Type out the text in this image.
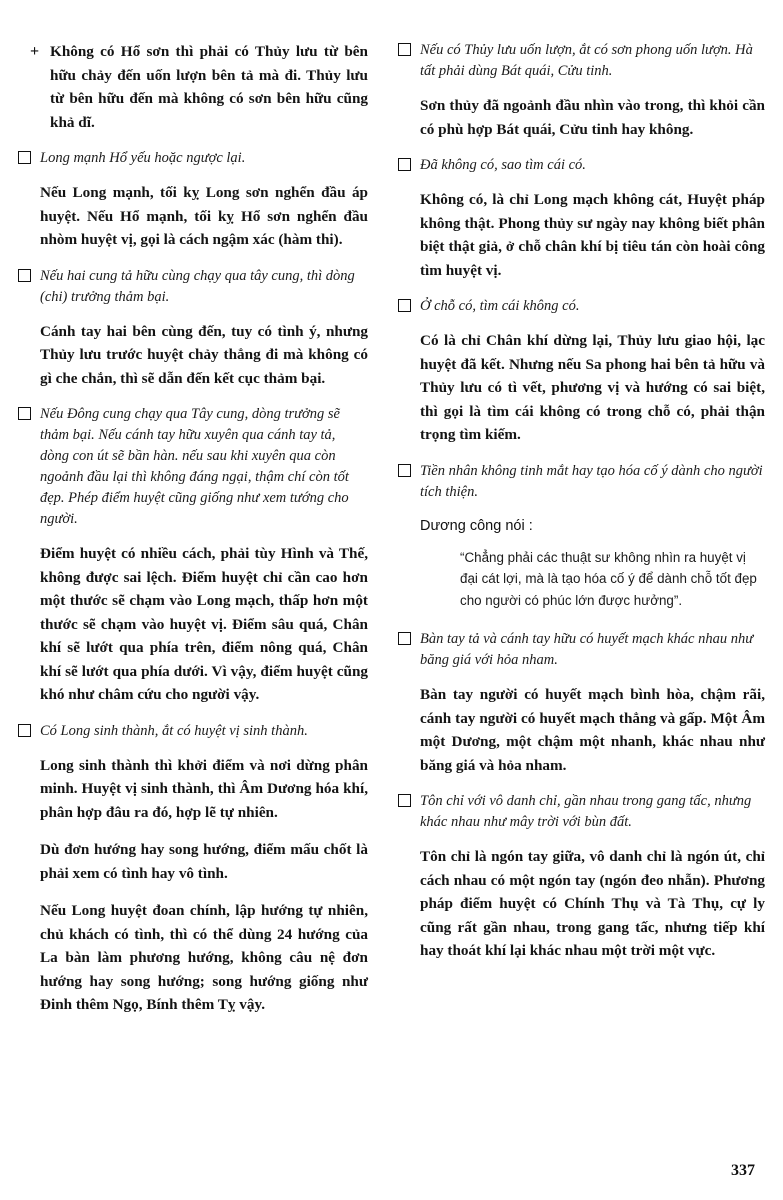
+ Không có Hổ sơn thì phải có Thủy lưu từ bên hữu chảy đến uốn lượn bên tả mà đi. Thủy lưu từ bên hữu đến mà không có sơn bên hữu cũng khả dĩ.
Long mạnh Hổ yếu hoặc ngược lại.

Nếu Long mạnh, tối kỵ Long sơn nghển đầu áp huyệt. Nếu Hổ mạnh, tối kỵ Hổ sơn nghển đầu nhòm huyệt vị, gọi là cách ngậm xác (hàm thi).

Nếu hai cung tả hữu cùng chạy qua tây cung, thì dòng (chi) trưởng thảm bại.

Cánh tay hai bên cùng đến, tuy có tình ý, nhưng Thủy lưu trước huyệt chảy thẳng đi mà không có gì che chắn, thì sẽ dẫn đến kết cục thảm bại.

Nếu Đông cung chạy qua Tây cung, dòng trưởng sẽ thảm bại. Nếu cánh tay hữu xuyên qua cánh tay tả, dòng con út sẽ bần hàn. nếu sau khi xuyên qua còn ngoảnh đầu lại thì không đáng ngại, thậm chí còn tốt đẹp. Phép điểm huyệt cũng giống như xem tướng cho người.

Điểm huyệt có nhiều cách, phải tùy Hình và Thế, không được sai lệch. Điểm huyệt chỉ cần cao hơn một thước sẽ chạm vào Long mạch, thấp hơn một thước sẽ chạm vào huyệt vị. Điểm sâu quá, Chân khí sẽ lướt qua phía trên, điểm nông quá, Chân khí sẽ lướt qua phía dưới. Vì vậy, điểm huyệt cũng khó như châm cứu cho người vậy.

Có Long sinh thành, ắt có huyệt vị sinh thành.

Long sinh thành thì khởi điểm và nơi dừng phân minh. Huyệt vị sinh thành, thì Âm Dương hóa khí, phân hợp đâu ra đó, hợp lẽ tự nhiên.

Dù đơn hướng hay song hướng, điểm mấu chốt là phải xem có tình hay vô tình.

Nếu Long huyệt đoan chính, lập hướng tự nhiên, chủ khách có tình, thì có thể dùng 24 hướng của La bàn làm phương hướng, không câu nệ đơn hướng hay song hướng; song hướng giống như Đinh thêm Ngọ, Bính thêm Tỵ vậy.

Nếu có Thủy lưu uốn lượn, ắt có sơn phong uốn lượn. Hà tất phải dùng Bát quái, Cửu tinh.

Sơn thủy đã ngoảnh đầu nhìn vào trong, thì khỏi cần có phù hợp Bát quái, Cửu tinh hay không.

Đã không có, sao tìm cái có.

Không có, là chỉ Long mạch không cát, Huyệt pháp không thật. Phong thủy sư ngày nay không biết phân biệt thật giả, ở chỗ chân khí bị tiêu tán còn hoài công tìm huyệt vị.

Ở chỗ có, tìm cái không có.

Có là chỉ Chân khí dừng lại, Thủy lưu giao hội, lạc huyệt đã kết. Nhưng nếu Sa phong hai bên tả hữu và Thủy lưu có tì vết, phương vị và hướng có sai biệt, thì gọi là tìm cái không có trong chỗ có, phải thận trọng tìm kiếm.

Tiền nhân không tinh mắt hay tạo hóa cố ý dành cho người tích thiện.

Dương công nói :

“Chẳng phải các thuật sư không nhìn ra huyệt vị đại cát lợi, mà là tạo hóa cố ý để dành chỗ tốt đẹp cho người có phúc lớn được hưởng”.

Bàn tay tả và cánh tay hữu có huyết mạch khác nhau như băng giá với hỏa nham.

Bàn tay người có huyết mạch bình hòa, chậm rãi, cánh tay người có huyết mạch thẳng và gấp. Một Âm một Dương, một chậm một nhanh, khác nhau như băng giá và hỏa nham.

Tôn chỉ với vô danh chỉ, gần nhau trong gang tấc, nhưng khác nhau như mây trời với bùn đất.

Tôn chỉ là ngón tay giữa, vô danh chỉ là ngón út, chỉ cách nhau có một ngón tay (ngón đeo nhẫn). Phương pháp điểm huyệt có Chính Thụ và Tà Thụ, cự ly cũng rất gần nhau, trong gang tấc, nhưng tiếp khí hay thoát khí lại khác nhau một trời một vực.

337
